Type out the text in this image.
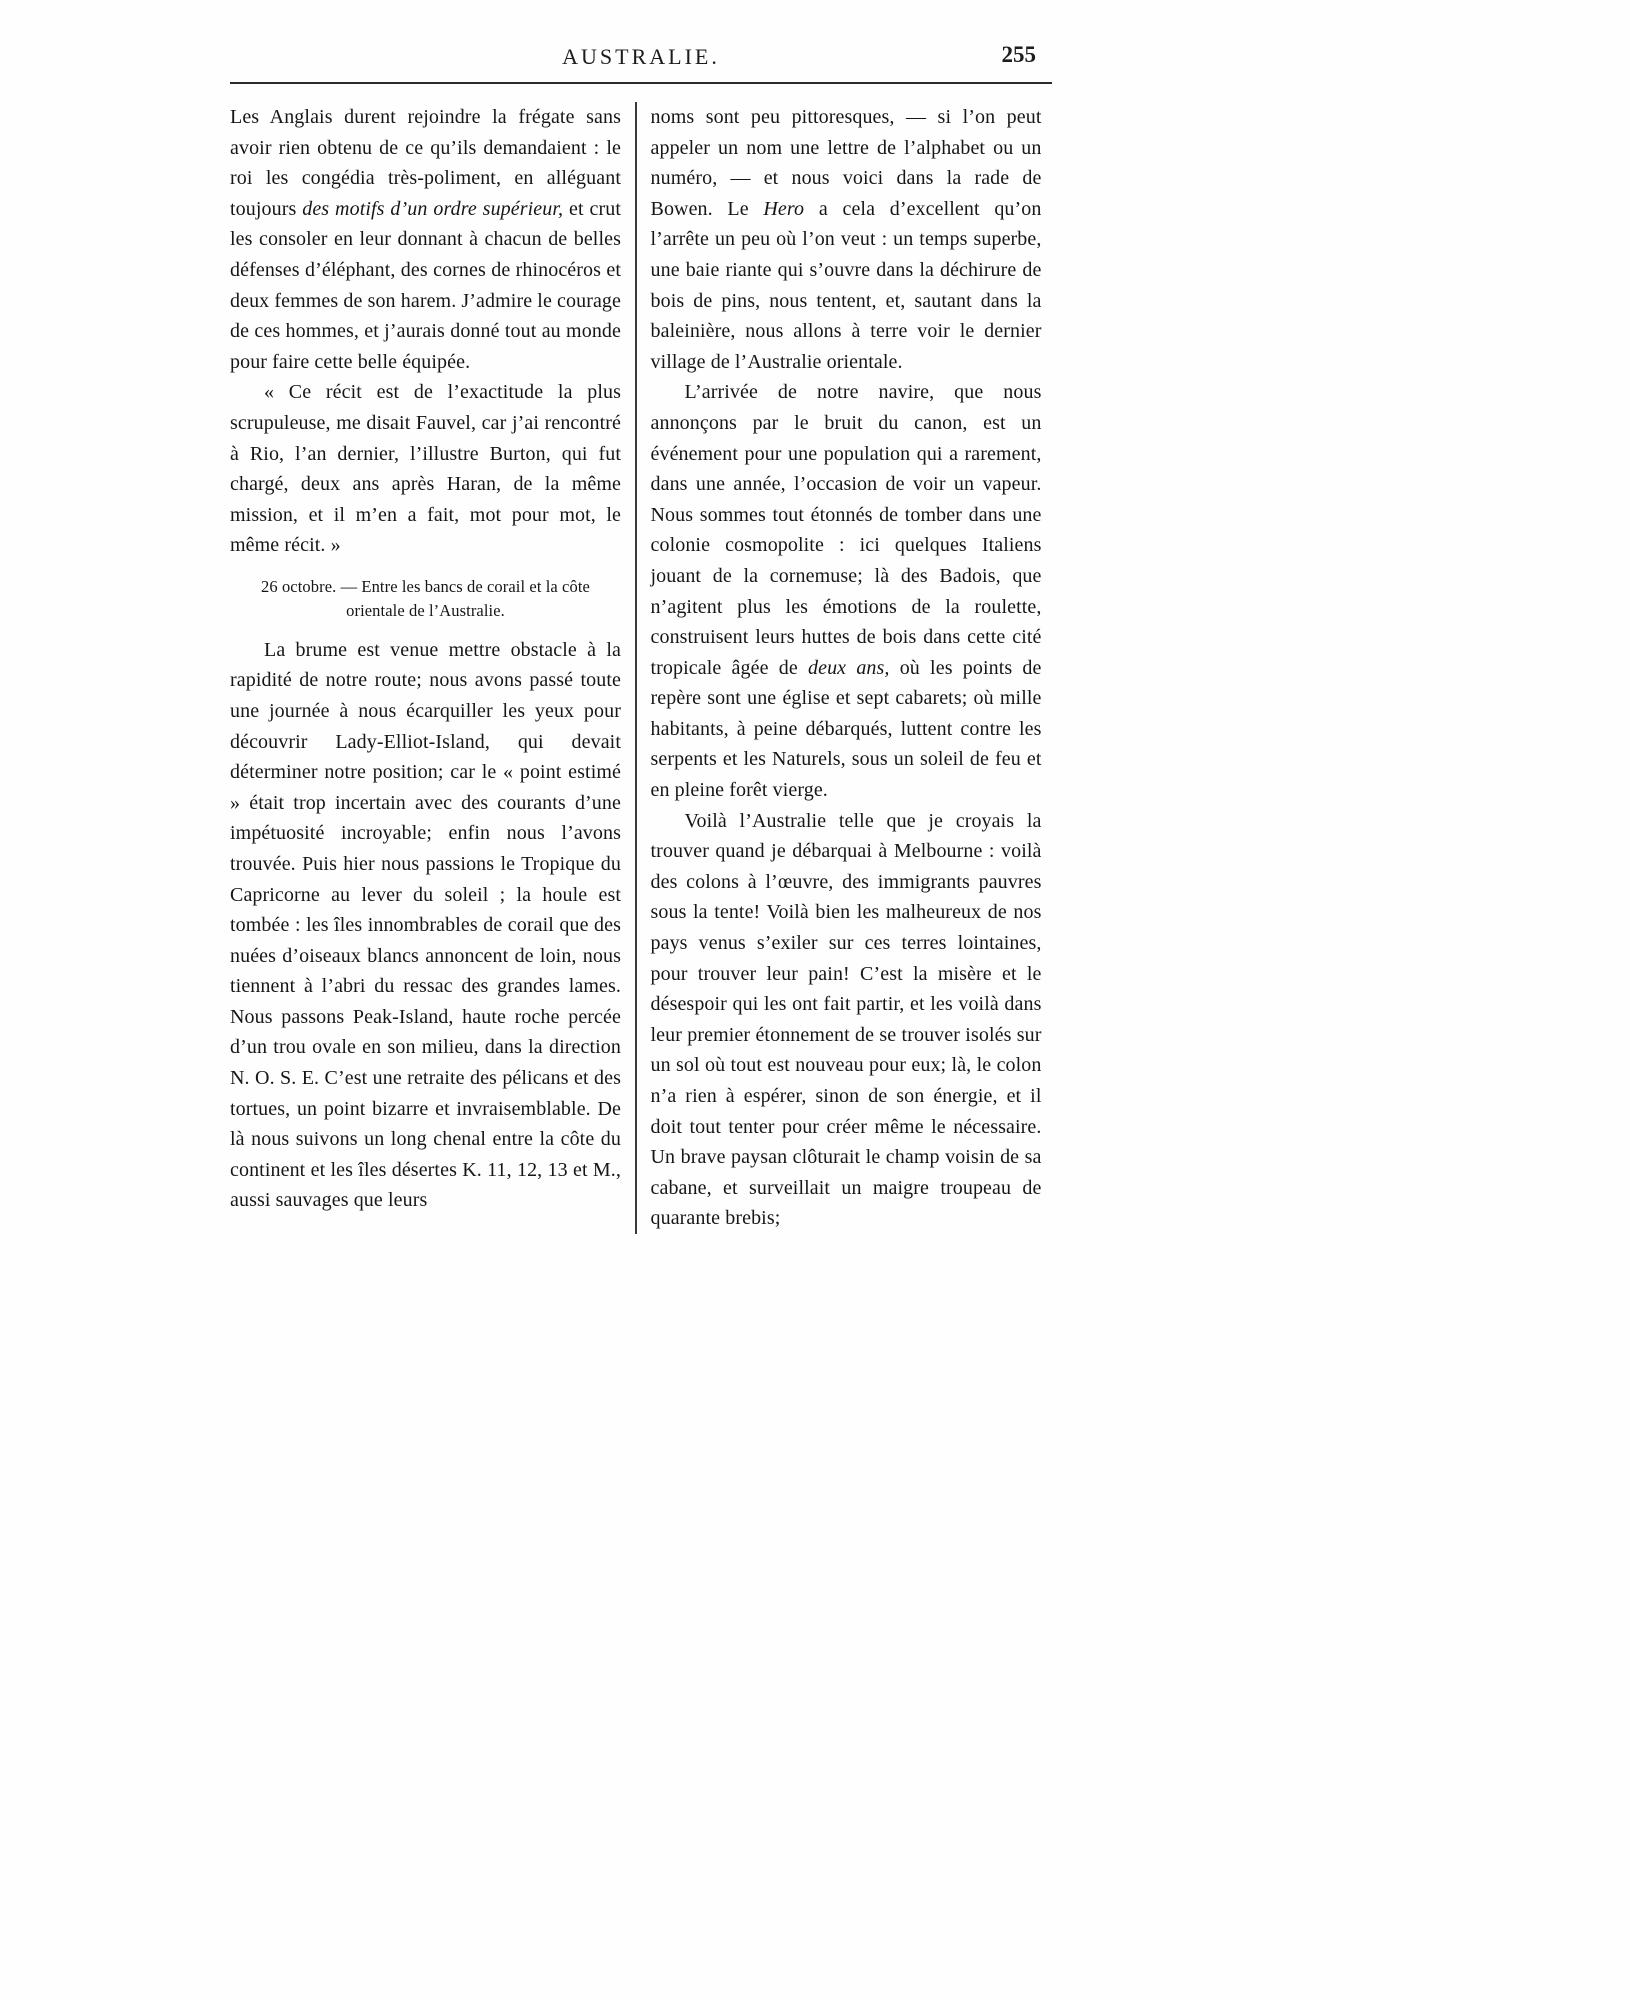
AUSTRALIE.	255

Les Anglais durent rejoindre la frégate sans avoir rien obtenu de ce qu’ils demandaient : le roi les congédia très-poliment, en alléguant toujours des motifs d’un ordre supérieur, et crut les consoler en leur donnant à chacun de belles défenses d’éléphant, des cornes de rhinocéros et deux femmes de son harem. J’admire le courage de ces hommes, et j’aurais donné tout au monde pour faire cette belle équipée.

« Ce récit est de l’exactitude la plus scrupuleuse, me disait Fauvel, car j’ai rencontré à Rio, l’an dernier, l’illustre Burton, qui fut chargé, deux ans après Haran, de la même mission, et il m’en a fait, mot pour mot, le même récit. »

26 octobre. — Entre les bancs de corail et la côte orientale de l’Australie.

La brume est venue mettre obstacle à la rapidité de notre route; nous avons passé toute une journée à nous écarquiller les yeux pour découvrir Lady-Elliot-Island, qui devait déterminer notre position; car le « point estimé » était trop incertain avec des courants d’une impétuosité incroyable; enfin nous l’avons trouvée. Puis hier nous passions le Tropique du Capricorne au lever du soleil ; la houle est tombée : les îles innombrables de corail que des nuées d’oiseaux blancs annoncent de loin, nous tiennent à l’abri du ressac des grandes lames. Nous passons Peak-Island, haute roche percée d’un trou ovale en son milieu, dans la direction N. O. S. E. C’est une retraite des pélicans et des tortues, un point bizarre et invraisemblable. De là nous suivons un long chenal entre la côte du continent et les îles désertes K. 11, 12, 13 et M., aussi sauvages que leurs

noms sont peu pittoresques, — si l’on peut appeler un nom une lettre de l’alphabet ou un numéro, — et nous voici dans la rade de Bowen. Le Hero a cela d’excellent qu’on l’arrête un peu où l’on veut : un temps superbe, une baie riante qui s’ouvre dans la déchirure de bois de pins, nous tentent, et, sautant dans la baleinière, nous allons à terre voir le dernier village de l’Australie orientale.

L’arrivée de notre navire, que nous annonçons par le bruit du canon, est un événement pour une population qui a rarement, dans une année, l’occasion de voir un vapeur. Nous sommes tout étonnés de tomber dans une colonie cosmopolite : ici quelques Italiens jouant de la cornemuse; là des Badois, que n’agitent plus les émotions de la roulette, construisent leurs huttes de bois dans cette cité tropicale âgée de deux ans, où les points de repère sont une église et sept cabarets; où mille habitants, à peine débarqués, luttent contre les serpents et les Naturels, sous un soleil de feu et en pleine forêt vierge.

Voilà l’Australie telle que je croyais la trouver quand je débarquai à Melbourne : voilà des colons à l’œuvre, des immigrants pauvres sous la tente! Voilà bien les malheureux de nos pays venus s’exiler sur ces terres lointaines, pour trouver leur pain! C’est la misère et le désespoir qui les ont fait partir, et les voilà dans leur premier étonnement de se trouver isolés sur un sol où tout est nouveau pour eux; là, le colon n’a rien à espérer, sinon de son énergie, et il doit tout tenter pour créer même le nécessaire. Un brave paysan clôturait le champ voisin de sa cabane, et surveillait un maigre troupeau de quarante brebis;
